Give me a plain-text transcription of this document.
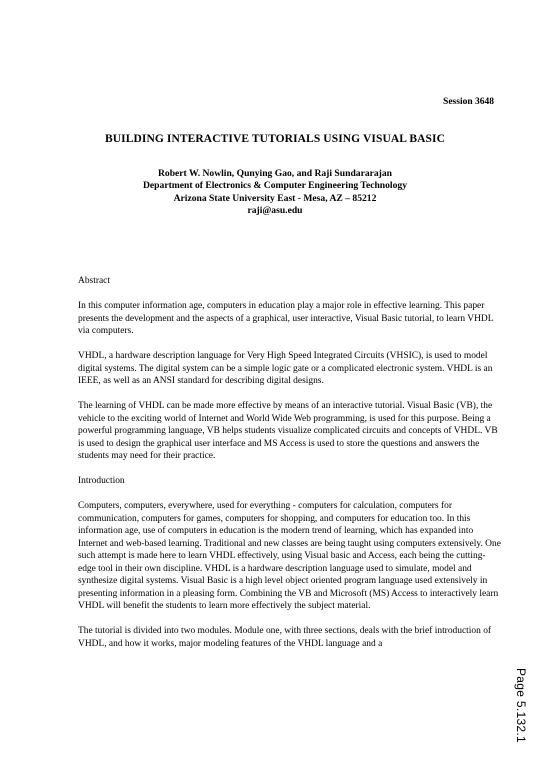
Session 3648
BUILDING INTERACTIVE TUTORIALS USING VISUAL BASIC
Robert W. Nowlin, Qunying Gao, and Raji Sundararajan
Department of Electronics & Computer Engineering Technology
Arizona State University East - Mesa, AZ – 85212
raji@asu.edu

Abstract

In this computer information age, computers in education play a major role in effective learning. This paper presents the development and the aspects of a graphical, user interactive, Visual Basic tutorial, to learn VHDL via computers.

VHDL, a hardware description language for Very High Speed Integrated Circuits (VHSIC), is used to model digital systems. The digital system can be a simple logic gate or a complicated electronic system. VHDL is an IEEE, as well as an ANSI standard for describing digital designs.

The learning of VHDL can be made more effective by means of an interactive tutorial. Visual Basic (VB), the vehicle to the exciting world of Internet and World Wide Web programming, is used for this purpose. Being a powerful programming language, VB helps students visualize complicated circuits and concepts of VHDL. VB is used to design the graphical user interface and MS Access is used to store the questions and answers the students may need for their practice.

Introduction

Computers, computers, everywhere, used for everything - computers for calculation, computers for communication, computers for games, computers for shopping, and computers for education too. In this information age, use of computers in education is the modern trend of learning, which has expanded into Internet and web-based learning. Traditional and new classes are being taught using computers extensively. One such attempt is made here to learn VHDL effectively, using Visual basic and Access, each being the cutting-edge tool in their own discipline. VHDL is a hardware description language used to simulate, model and synthesize digital systems. Visual Basic is a high level object oriented program language used extensively in presenting information in a pleasing form. Combining the VB and Microsoft (MS) Access to interactively learn VHDL will benefit the students to learn more effectively the subject material.

The tutorial is divided into two modules. Module one, with three sections, deals with the brief introduction of VHDL, and how it works, major modeling features of the VHDL language and a

Page 5.132.1
